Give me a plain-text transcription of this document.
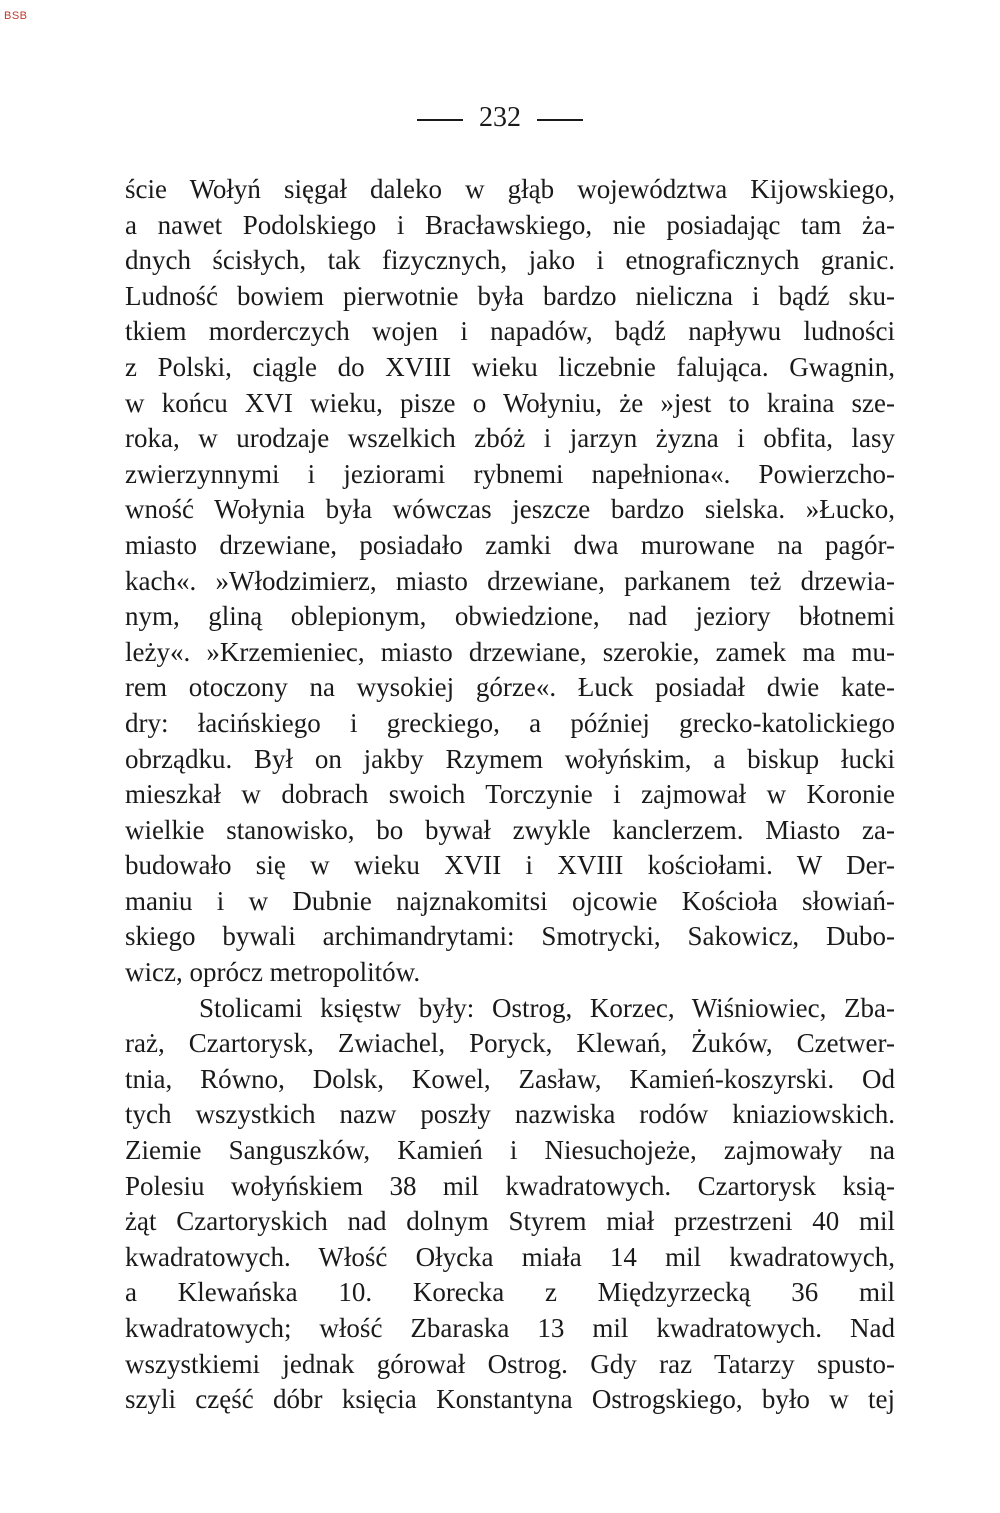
BSB
232
ście Wołyń sięgał daleko w głąb województwa Kijowskiego,
a nawet Podolskiego i Bracławskiego, nie posiadając tam ża-
dnych ścisłych, tak fizycznych, jako i etnograficznych granic.
Ludność bowiem pierwotnie była bardzo nieliczna i bądź sku-
tkiem morderczych wojen i napadów, bądź napływu ludności
z Polski, ciągle do XVIII wieku liczebnie falująca. Gwagnin,
w końcu XVI wieku, pisze o Wołyniu, że »jest to kraina sze-
roka, w urodzaje wszelkich zbóż i jarzyn żyzna i obfita, lasy
zwierzynnymi i jeziorami rybnemi napełniona«. Powierzcho-
wność Wołynia była wówczas jeszcze bardzo sielska. »Łucko,
miasto drzewiane, posiadało zamki dwa murowane na pagór-
kach«. »Włodzimierz, miasto drzewiane, parkanem też drzewia-
nym, gliną oblepionym, obwiedzione, nad jeziory błotnemi
leży«. »Krzemieniec, miasto drzewiane, szerokie, zamek ma mu-
rem otoczony na wysokiej górze«. Łuck posiadał dwie kate-
dry: łacińskiego i greckiego, a później grecko-katolickiego
obrządku. Był on jakby Rzymem wołyńskim, a biskup łucki
mieszkał w dobrach swoich Torczynie i zajmował w Koronie
wielkie stanowisko, bo bywał zwykle kanclerzem. Miasto za-
budowało się w wieku XVII i XVIII kościołami. W Der-
maniu i w Dubnie najznakomitsi ojcowie Kościoła słowiań-
skiego bywali archimandrytami: Smotrycki, Sakowicz, Dubo-
wicz, oprócz metropolitów.
Stolicami księstw były: Ostrog, Korzec, Wiśniowiec, Zba-
raż, Czartorysk, Zwiachel, Poryck, Klewań, Żuków, Czetwer-
tnia, Równo, Dolsk, Kowel, Zasław, Kamień-koszyrski. Od
tych wszystkich nazw poszły nazwiska rodów kniaziowskich.
Ziemie Sanguszków, Kamień i Niesuchojeże, zajmowały na
Polesiu wołyńskiem 38 mil kwadratowych. Czartorysk ksią-
żąt Czartoryskich nad dolnym Styrem miał przestrzeni 40 mil
kwadratowych. Włość Ołycka miała 14 mil kwadratowych,
a Klewańska 10. Korecka z Międzyrzecką 36 mil
kwadratowych; włość Zbaraska 13 mil kwadratowych. Nad
wszystkiemi jednak górował Ostrog. Gdy raz Tatarzy spusto-
szyli część dóbr księcia Konstantyna Ostrogskiego, było w tej
